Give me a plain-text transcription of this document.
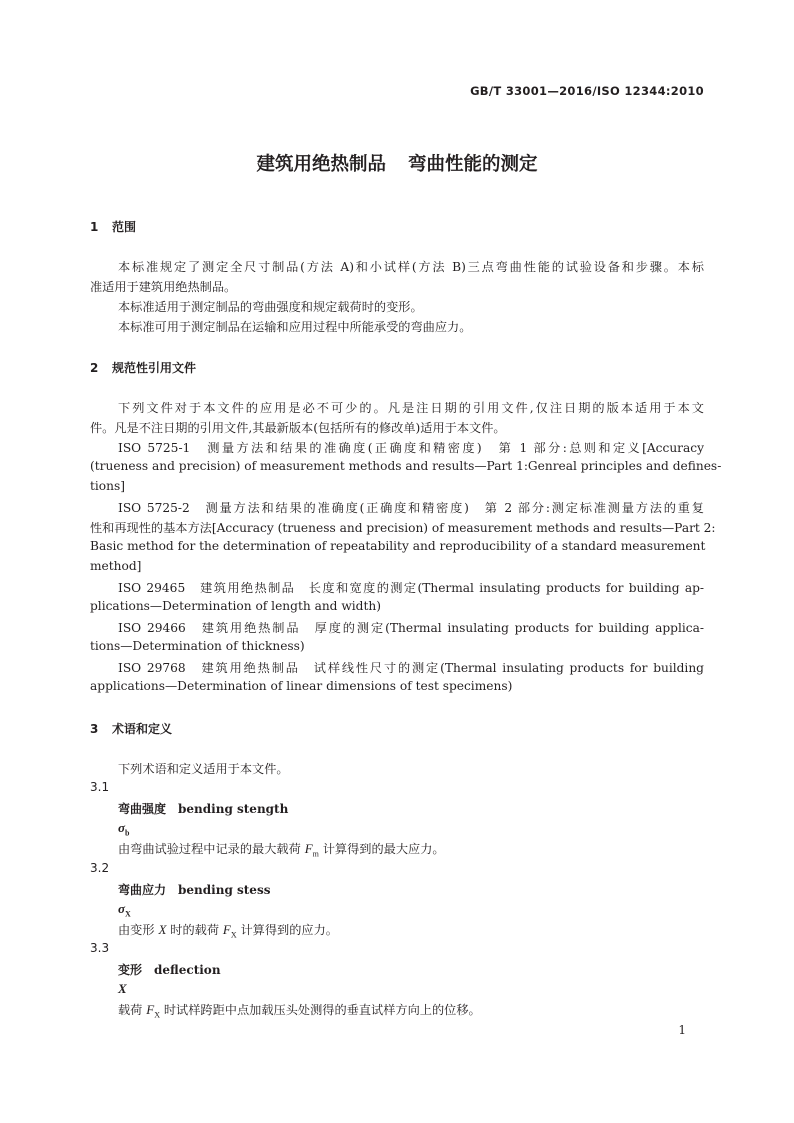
GB/T 33001—2016/ISO 12344:2010
建筑用绝热制品 弯曲性能的测定
1 范围
本标准规定了测定全尺寸制品(方法 A)和小试样(方法 B)三点弯曲性能的试验设备和步骤。本标
准适用于建筑用绝热制品。
本标准适用于测定制品的弯曲强度和规定载荷时的变形。
本标准可用于测定制品在运输和应用过程中所能承受的弯曲应力。
2 规范性引用文件
下列文件对于本文件的应用是必不可少的。凡是注日期的引用文件,仅注日期的版本适用于本文
件。凡是不注日期的引用文件,其最新版本(包括所有的修改单)适用于本文件。
ISO 5725-1　测量方法和结果的准确度(正确度和精密度)　第 1 部分:总则和定义[Accuracy
(trueness and precision) of measurement methods and results—Part 1:Genreal principles and defines-
tions]
ISO 5725-2　测量方法和结果的准确度(正确度和精密度)　第 2 部分:测定标准测量方法的重复
性和再现性的基本方法[Accuracy (trueness and precision) of measurement methods and results—Part 2:
Basic method for the determination of repeatability and reproducibility of a standard measurement
method]
ISO 29465　建筑用绝热制品　长度和宽度的测定(Thermal insulating products for building ap-
plications—Determination of length and width)
ISO 29466　建筑用绝热制品　厚度的测定(Thermal insulating products for building applica-
tions—Determination of thickness)
ISO 29768　建筑用绝热制品　试样线性尺寸的测定(Thermal insulating products for building
applications—Determination of linear dimensions of test specimens)
3 术语和定义
下列术语和定义适用于本文件。
3.1
弯曲强度 bending stength
$\sigma_b$
由弯曲试验过程中记录的最大载荷 $F_m$ 计算得到的最大应力。
3.2
弯曲应力 bending stess
$\sigma_X$
由变形 X 时的载荷 $F_X$ 计算得到的应力。
3.3
变形 deflection
X
载荷 $F_X$ 时试样跨距中点加载压头处测得的垂直试样方向上的位移。
1
